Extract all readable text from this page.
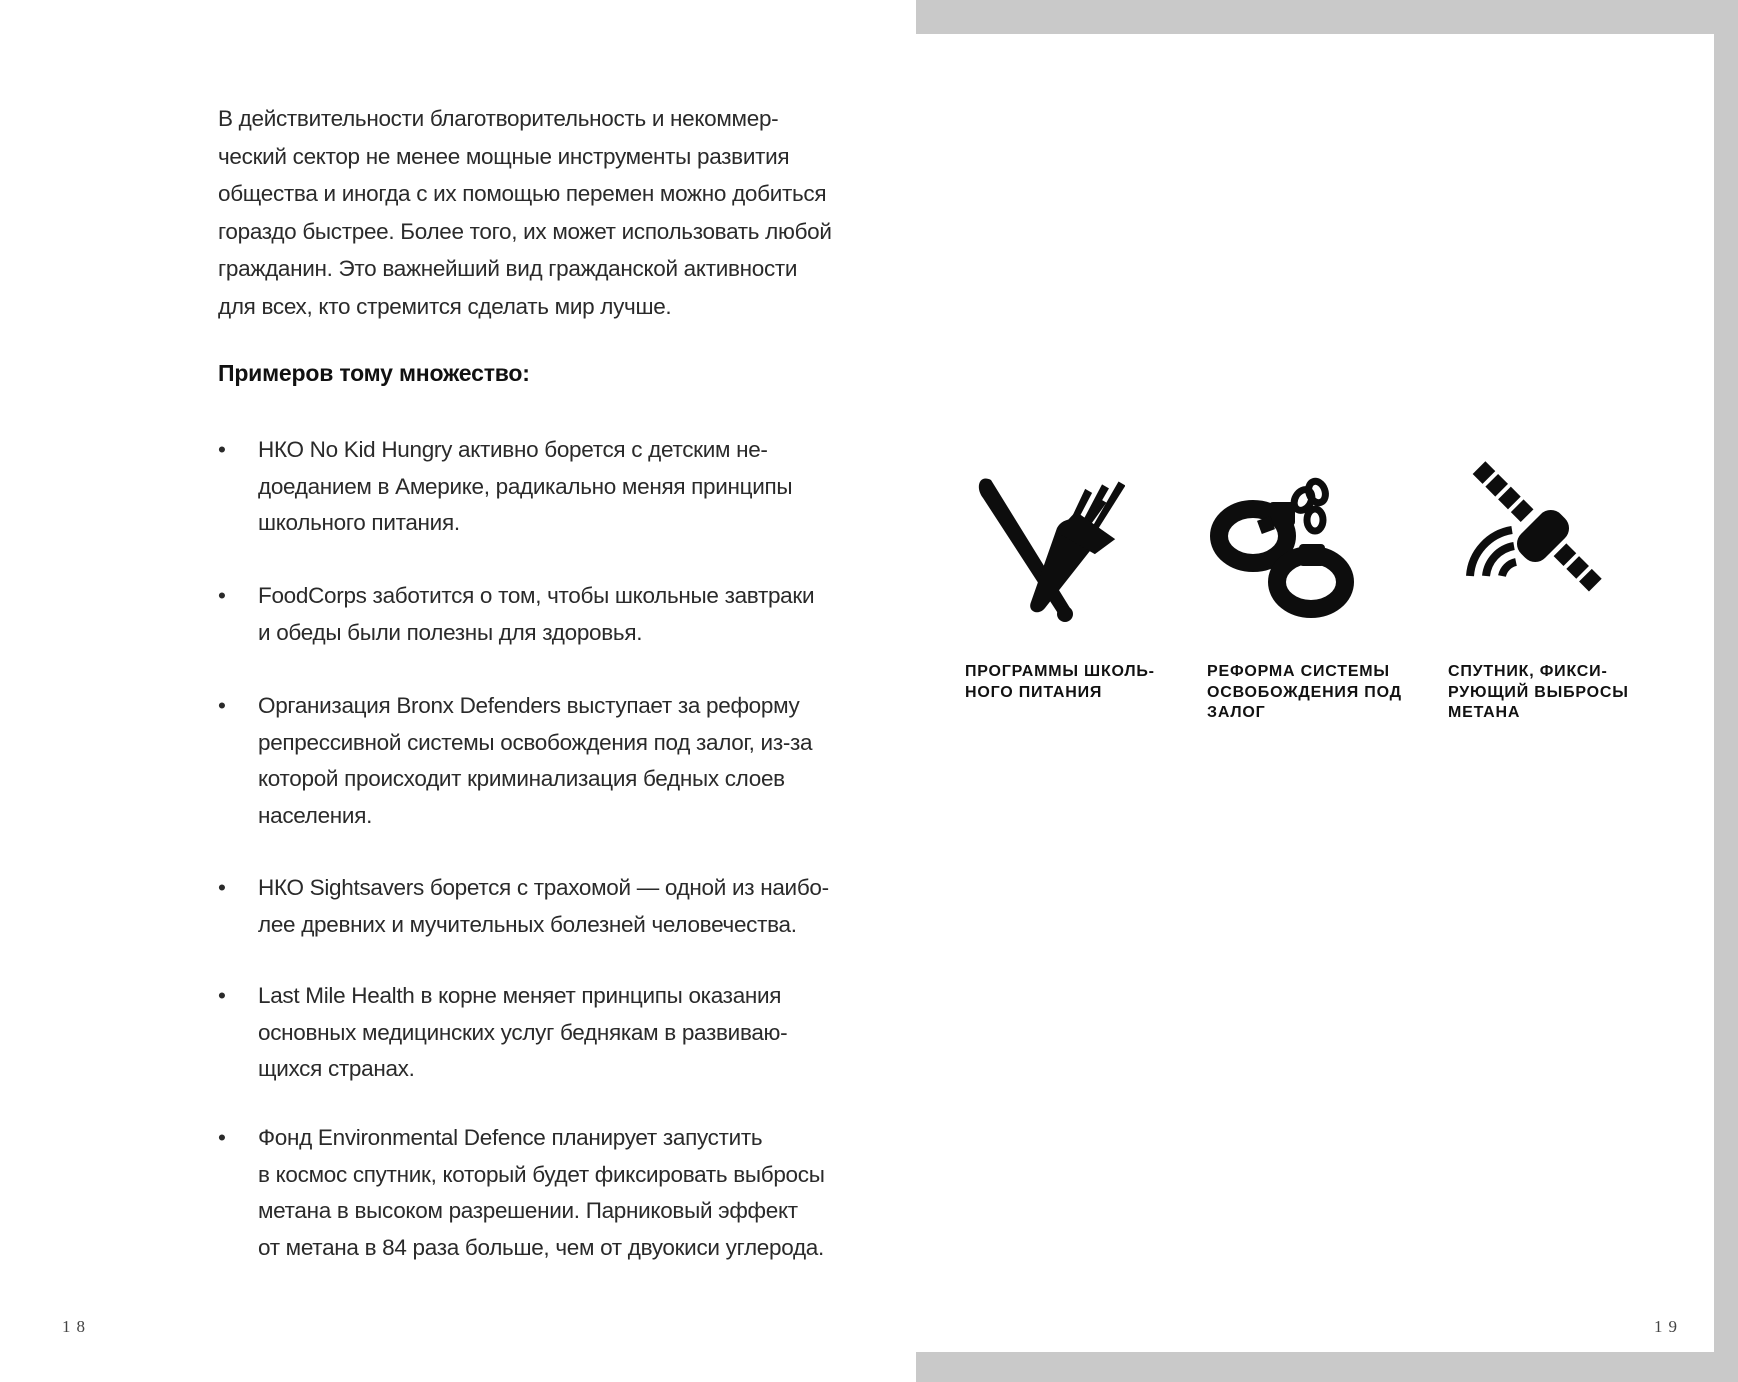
В действительности благотворительность и некоммер-
ческий сектор не менее мощные инструменты развития
общества и иногда с их помощью перемен можно добиться
гораздо быстрее. Более того, их может использовать любой
гражданин. Это важнейший вид гражданской активности
для всех, кто стремится сделать мир лучше.
Примеров тому множество:
• НКО No Kid Hungry активно борется с детским не-
доеданием в Америке, радикально меняя принципы
школьного питания.
• FoodCorps заботится о том, чтобы школьные завтраки
и обеды были полезны для здоровья.
• Организация Bronx Defenders выступает за реформу
репрессивной системы освобождения под залог, из-за
которой происходит криминализация бедных слоев
населения.
• НКО Sightsavers борется с трахомой — одной из наибо-
лее древних и мучительных болезней человечества.
• Last Mile Health в корне меняет принципы оказания
основных медицинских услуг беднякам в развиваю-
щихся странах.
• Фонд Environmental Defence планирует запустить
в космос спутник, который будет фиксировать выбросы
метана в высоком разрешении. Парниковый эффект
от метана в 84 раза больше, чем от двуокиси углерода.
18
ПРОГРАММЫ ШКОЛЬ-
НОГО ПИТАНИЯ
РЕФОРМА СИСТЕМЫ
ОСВОБОЖДЕНИЯ ПОД
ЗАЛОГ
СПУТНИК, ФИКСИ-
РУЮЩИЙ ВЫБРОСЫ
МЕТАНА
19
